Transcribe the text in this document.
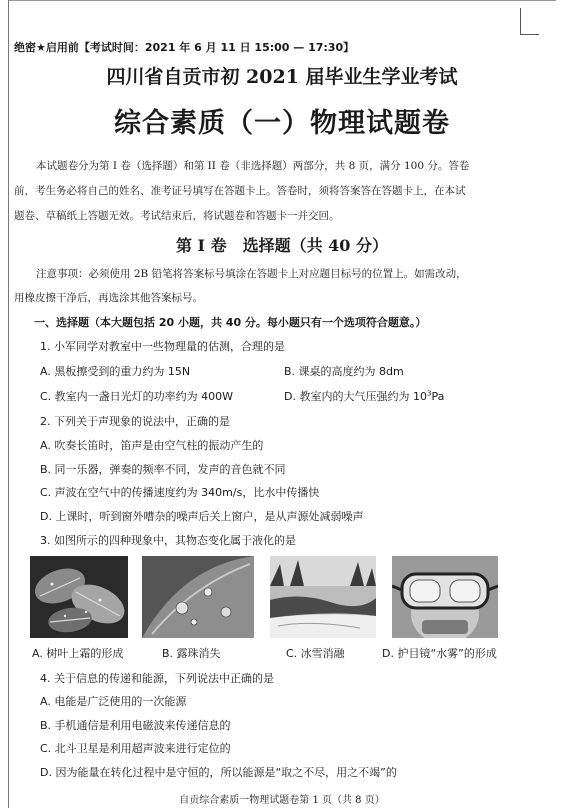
绝密★启用前【考试时间：2021 年 6 月 11 日 15:00 — 17:30】
四川省自贡市初 2021 届毕业生学业考试
综合素质（一）物理试题卷
本试题卷分为第 I 卷（选择题）和第 II 卷（非选择题）两部分，共 8 页，满分 100 分。答卷
前，考生务必将自己的姓名、准考证号填写在答题卡上。答卷时，须将答案答在答题卡上，在本试
题卷、草稿纸上答题无效。考试结束后，将试题卷和答题卡一并交回。
第 I 卷　选择题（共 40 分）
注意事项：必须使用 2B 铅笔将答案标号填涂在答题卡上对应题目标号的位置上。如需改动，
用橡皮擦干净后，再选涂其他答案标号。
一、选择题（本大题包括 20 小题，共 40 分。每小题只有一个选项符合题意。）
1. 小军同学对教室中一些物理量的估测，合理的是
A. 黑板擦受到的重力约为 15N	B. 课桌的高度约为 8dm
C. 教室内一盏日光灯的功率约为 400W	D. 教室内的大气压强约为 $10^3Pa$
2. 下列关于声现象的说法中，正确的是
A. 吹奏长笛时，笛声是由空气柱的振动产生的
B. 同一乐器，弹奏的频率不同，发声的音色就不同
C. 声波在空气中的传播速度约为 340m/s，比水中传播快
D. 上课时，听到窗外嘈杂的噪声后关上窗户，是从声源处减弱噪声
3. 如图所示的四种现象中，其物态变化属于液化的是
A. 树叶上霜的形成	B. 露珠消失	C. 冰雪消融	D. 护目镜“水雾”的形成
4. 关于信息的传递和能源，下列说法中正确的是
A. 电能是广泛使用的一次能源
B. 手机通信是利用电磁波来传递信息的
C. 北斗卫星是利用超声波来进行定位的
D. 因为能量在转化过程中是守恒的，所以能源是“取之不尽，用之不竭”的
自贡综合素质一物理试题卷第 1 页（共 8 页）
